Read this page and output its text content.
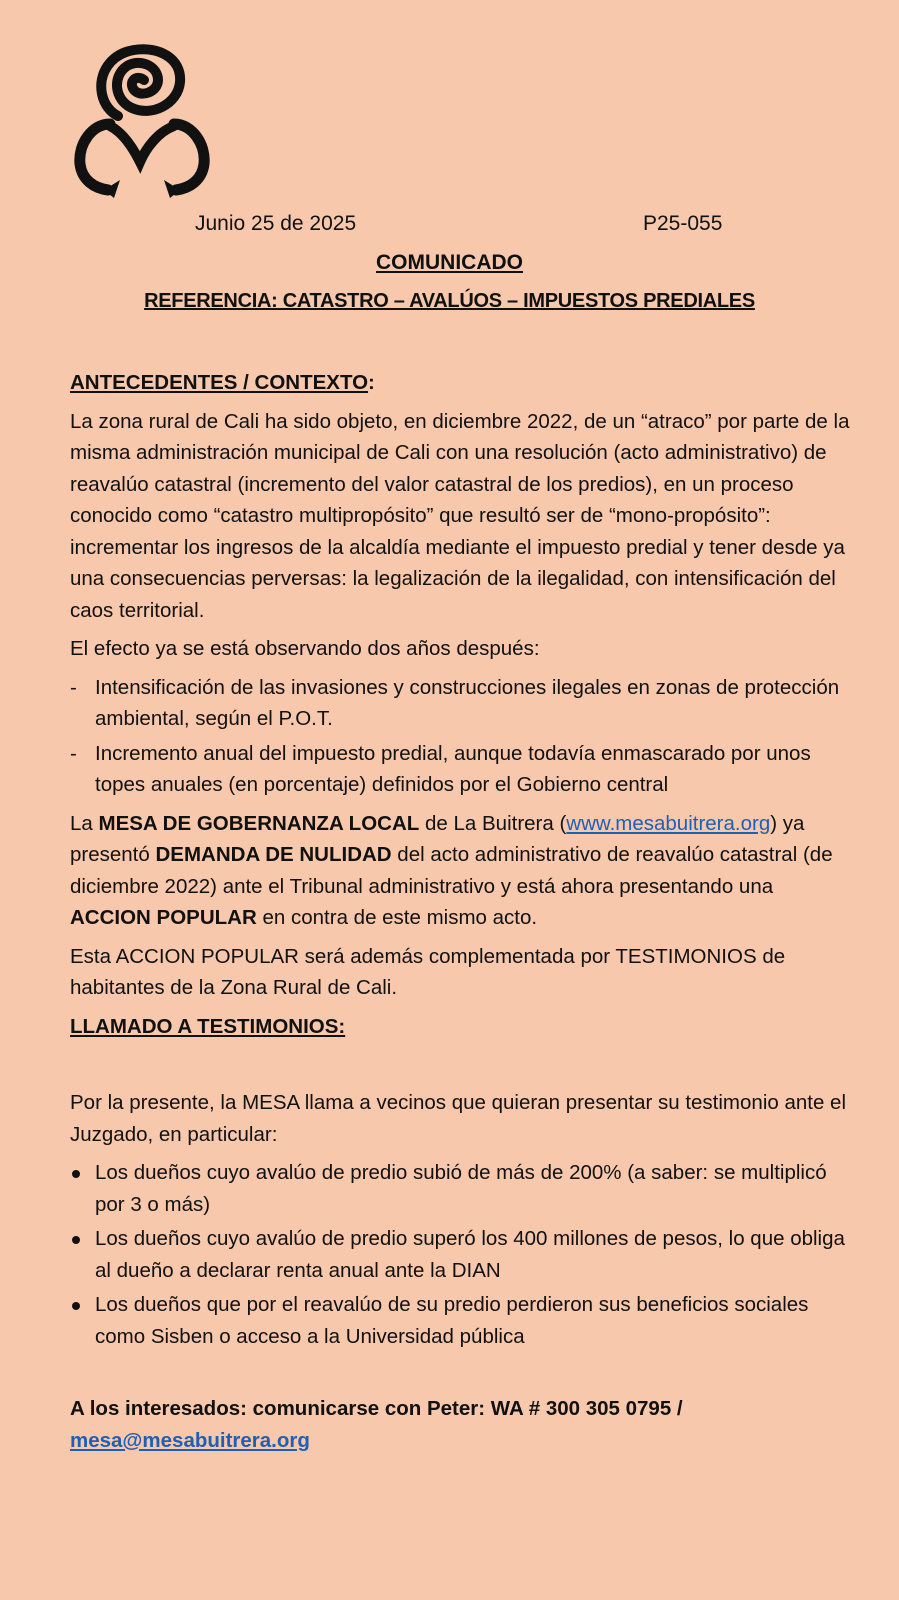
Junio 25 de 2025	P25-055
COMUNICADO
REFERENCIA: CATASTRO – AVALÚOS – IMPUESTOS PREDIALES

ANTECEDENTES / CONTEXTO:

La zona rural de Cali ha sido objeto, en diciembre 2022, de un “atraco” por parte de la misma administración municipal de Cali con una resolución (acto administrativo) de reavalúo catastral (incremento del valor catastral de los predios), en un proceso conocido como “catastro multipropósito” que resultó ser de “mono-propósito”: incrementar los ingresos de la alcaldía mediante el impuesto predial y tener desde ya una consecuencias perversas: la legalización de la ilegalidad, con intensificación del caos territorial.

El efecto ya se está observando dos años después:

- Intensificación de las invasiones y construcciones ilegales en zonas de protección ambiental, según el P.O.T.
- Incremento anual del impuesto predial, aunque todavía enmascarado por unos topes anuales (en porcentaje) definidos por el Gobierno central

La MESA DE GOBERNANZA LOCAL de La Buitrera (www.mesabuitrera.org) ya presentó DEMANDA DE NULIDAD del acto administrativo de reavalúo catastral (de diciembre 2022) ante el Tribunal administrativo y está ahora presentando una ACCION POPULAR en contra de este mismo acto.

Esta ACCION POPULAR será además complementada por TESTIMONIOS de habitantes de la Zona Rural de Cali.

LLAMADO A TESTIMONIOS:

Por la presente, la MESA llama a vecinos que quieran presentar su testimonio ante el Juzgado, en particular:

Los dueños cuyo avalúo de predio subió de más de 200% (a saber: se multiplicó por 3 o más)
Los dueños cuyo avalúo de predio superó los 400 millones de pesos, lo que obliga al dueño a declarar renta anual ante la DIAN
Los dueños que por el reavalúo de su predio perdieron sus beneficios sociales como Sisben o acceso a la Universidad pública

A los interesados: comunicarse con Peter: WA # 300 305 0795 /
mesa@mesabuitrera.org
